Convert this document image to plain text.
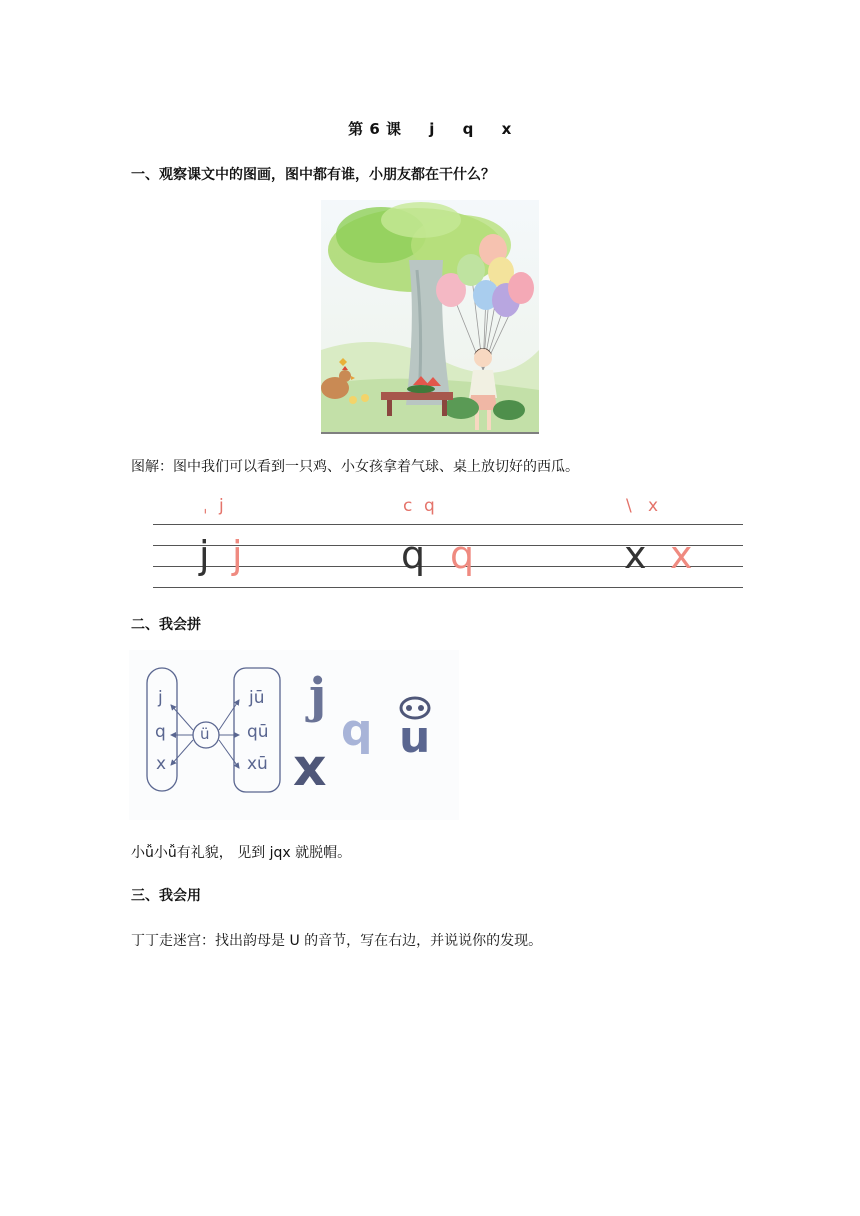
第 6 课 j q x
一、观察课文中的图画，图中都有谁，小朋友都在干什么？
图解：图中我们可以看到一只鸡、小女孩拿着气球、桌上放切好的西瓜。
ˌ j	c q	\ x
j j	q q	x x
二、我会拼
j
q
x
ü
jū
qū
xū
j
q
x
u
小ǚ小ǚ有礼貌， 见到 jqx 就脱帽。
三、我会用
丁丁走迷宫：找出韵母是 U 的音节，写在右边，并说说你的发现。
